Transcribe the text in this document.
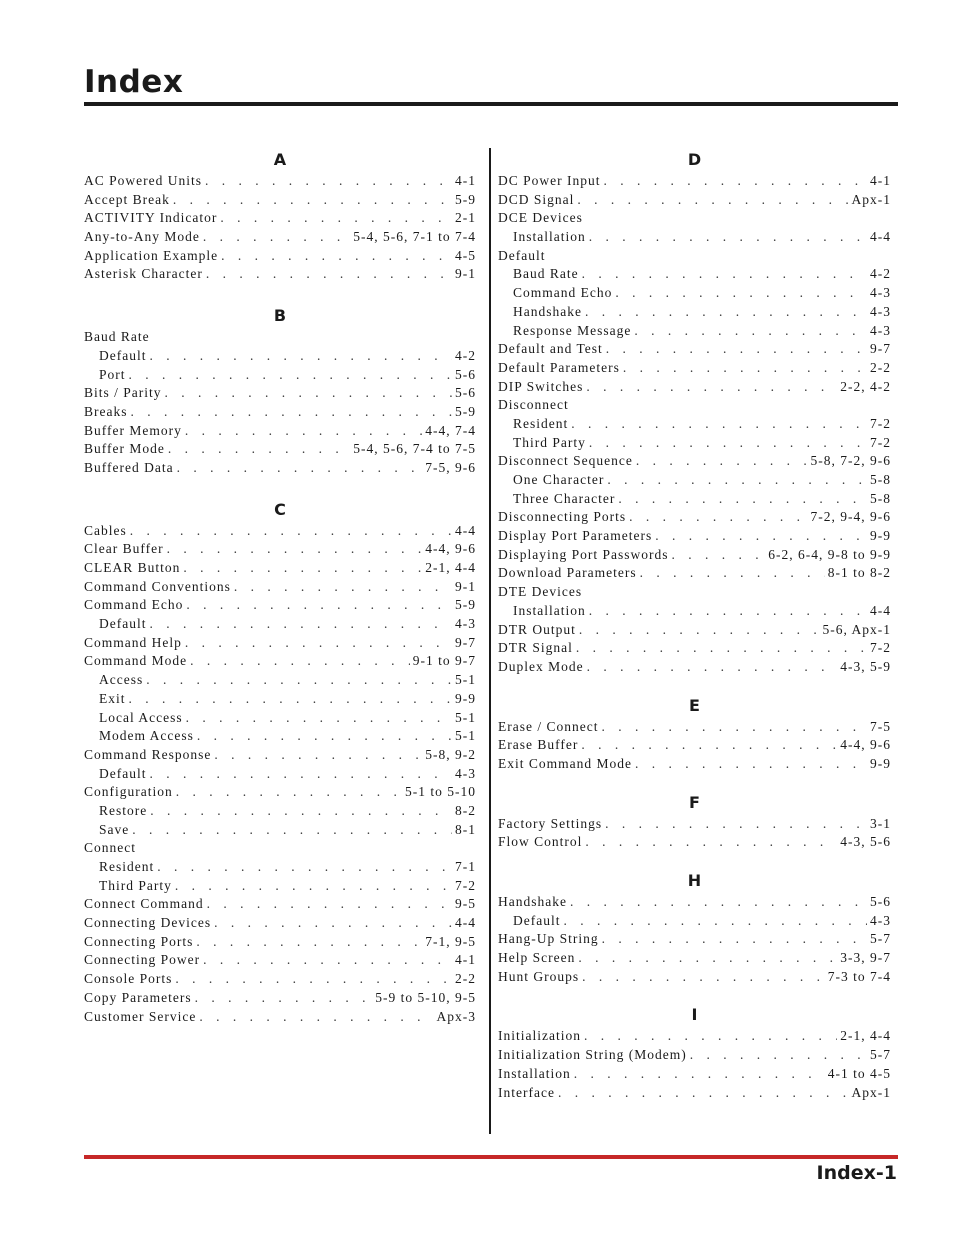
Index
A
AC Powered Units . . .	4-1
Accept Break . . .	5-9
ACTIVITY Indicator . . .	2-1
Any-to-Any Mode . . .	5-4, 5-6, 7-1 to 7-4
Application Example . . .	4-5
Asterisk Character . . .	9-1
B
Baud Rate
Default . . .	4-2
Port . . .	5-6
Bits / Parity . . .	5-6
Breaks . . .	5-9
Buffer Memory . . .	4-4, 7-4
Buffer Mode . . .	5-4, 5-6, 7-4 to 7-5
Buffered Data . . .	7-5, 9-6
C
Cables . . .	4-4
Clear Buffer . . .	4-4, 9-6
CLEAR Button . . .	2-1, 4-4
Command Conventions . . .	9-1
Command Echo . . .	5-9
Default . . .	4-3
Command Help . . .	9-7
Command Mode . . .	9-1 to 9-7
Access . . .	5-1
Exit . . .	9-9
Local Access . . .	5-1
Modem Access . . .	5-1
Command Response . . .	5-8, 9-2
Default . . .	4-3
Configuration . . .	5-1 to 5-10
Restore . . .	8-2
Save . . .	8-1
Connect
Resident . . .	7-1
Third Party . . .	7-2
Connect Command . . .	9-5
Connecting Devices . . .	4-4
Connecting Ports . . .	7-1, 9-5
Connecting Power . . .	4-1
Console Ports . . .	2-2
Copy Parameters . . .	5-9 to 5-10, 9-5
Customer Service . . .	Apx-3
D
DC Power Input . . .	4-1
DCD Signal . . .	Apx-1
DCE Devices
Installation . . .	4-4
Default
Baud Rate . . .	4-2
Command Echo . . .	4-3
Handshake . . .	4-3
Response Message . . .	4-3
Default and Test . . .	9-7
Default Parameters . . .	2-2
DIP Switches . . .	2-2, 4-2
Disconnect
Resident . . .	7-2
Third Party . . .	7-2
Disconnect Sequence . . .	5-8, 7-2, 9-6
One Character . . .	5-8
Three Character . . .	5-8
Disconnecting Ports . . .	7-2, 9-4, 9-6
Display Port Parameters . . .	9-9
Displaying Port Passwords . . .	6-2, 6-4, 9-8 to 9-9
Download Parameters . . .	8-1 to 8-2
DTE Devices
Installation . . .	4-4
DTR Output . . .	5-6, Apx-1
DTR Signal . . .	7-2
Duplex Mode . . .	4-3, 5-9
E
Erase / Connect . . .	7-5
Erase Buffer . . .	4-4, 9-6
Exit Command Mode . . .	9-9
F
Factory Settings . . .	3-1
Flow Control . . .	4-3, 5-6
H
Handshake . . .	5-6
Default . . .	4-3
Hang-Up String . . .	5-7
Help Screen . . .	3-3, 9-7
Hunt Groups . . .	7-3 to 7-4
I
Initialization . . .	2-1, 4-4
Initialization String (Modem) . . .	5-7
Installation . . .	4-1 to 4-5
Interface . . .	Apx-1
Index-1
